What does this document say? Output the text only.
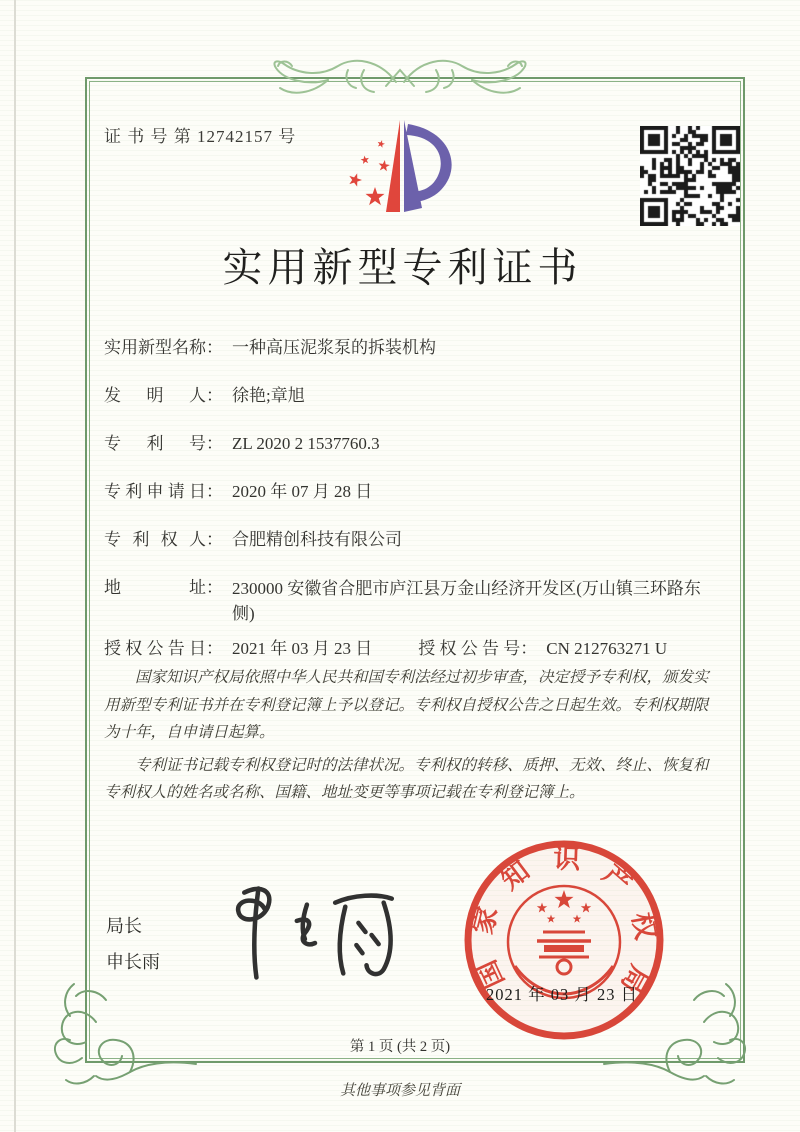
证 书 号 第 12742157 号
实用新型专利证书
实用新型名称： 一种高压泥浆泵的拆装机构
发明人： 徐艳;章旭
专利号： ZL 2020 2 1537760.3
专利申请日： 2020 年 07 月 28 日
专利权人： 合肥精创科技有限公司
地址： 230000 安徽省合肥市庐江县万金山经济开发区(万山镇三环路东侧)
授权公告日： 2021 年 03 月 23 日	授权公告号： CN 212763271 U

国家知识产权局依照中华人民共和国专利法经过初步审查，决定授予专利权，颁发实用新型专利证书并在专利登记簿上予以登记。专利权自授权公告之日起生效。专利权期限为十年，自申请日起算。

专利证书记载专利权登记时的法律状况。专利权的转移、质押、无效、终止、恢复和专利权人的姓名或名称、国籍、地址变更等事项记载在专利登记簿上。

局长
申长雨	国
家
知 识 产
权
局
2021 年 03 月 23 日
第 1 页 (共 2 页)
其他事项参见背面
